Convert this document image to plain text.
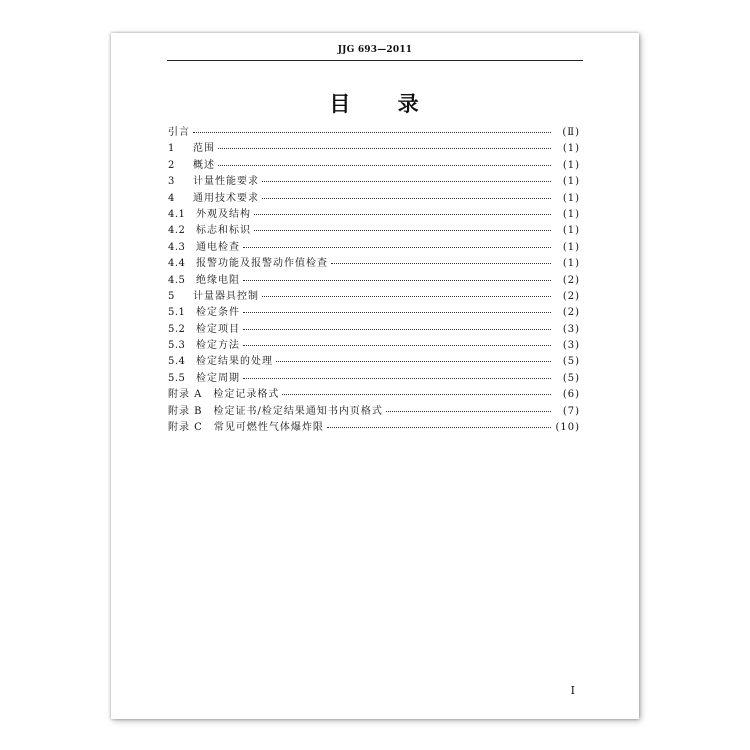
JJG 693—2011
目 录
引言	(Ⅱ)
1	范围	(1)
2	概述	(1)
3	计量性能要求	(1)
4	通用技术要求	(1)
4.1	外观及结构	(1)
4.2	标志和标识	(1)
4.3	通电检查	(1)
4.4	报警功能及报警动作值检查	(1)
4.5	绝缘电阻	(2)
5	计量器具控制	(2)
5.1	检定条件	(2)
5.2	检定项目	(3)
5.3	检定方法	(3)
5.4	检定结果的处理	(5)
5.5	检定周期	(5)
附录 A　检定记录格式	(6)
附录 B　检定证书/检定结果通知书内页格式	(7)
附录 C　常见可燃性气体爆炸限	(10)
Ⅰ
